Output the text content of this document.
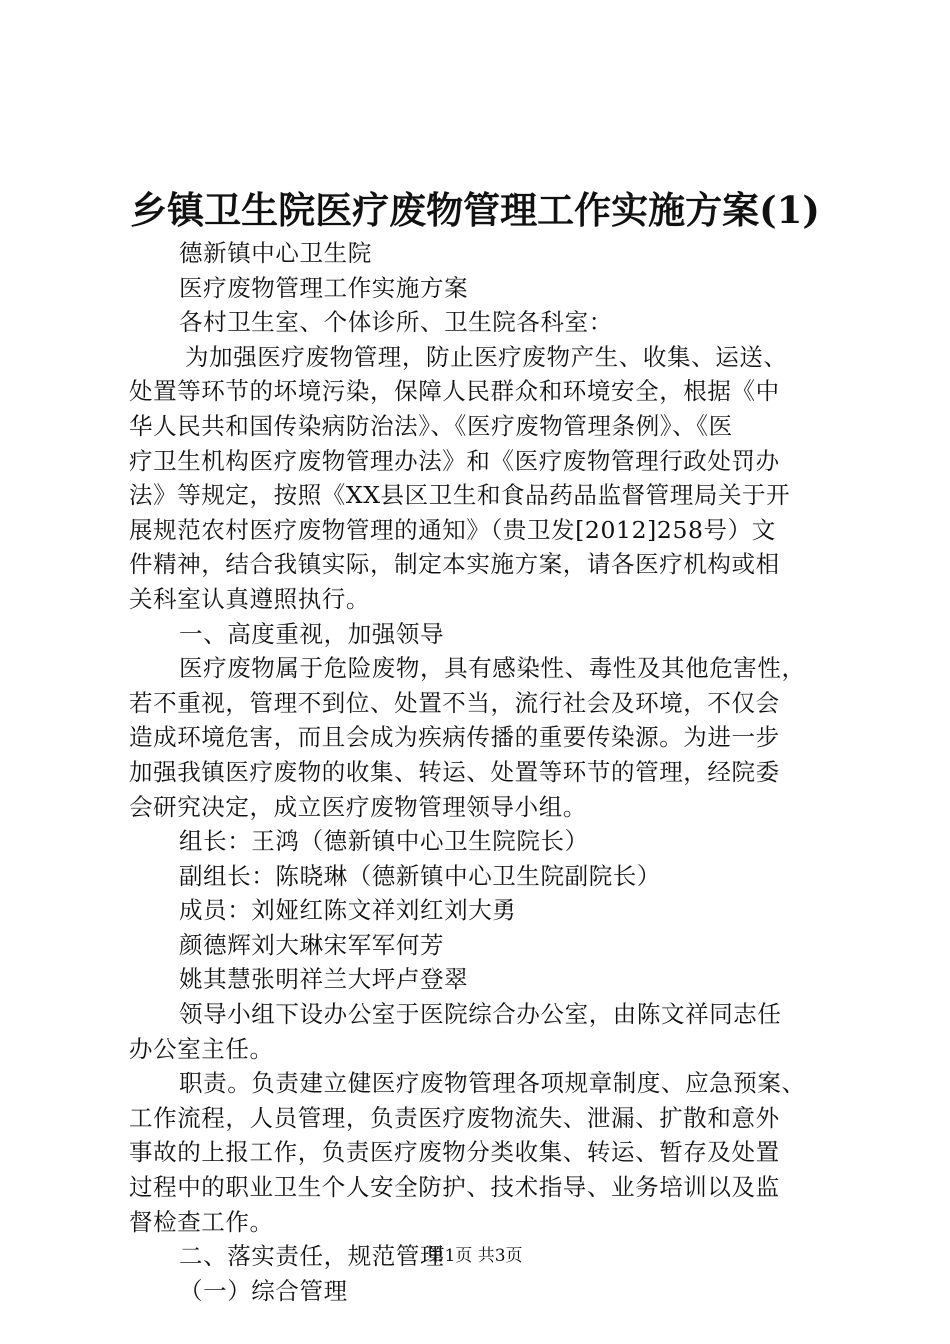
乡镇卫生院医疗废物管理工作实施方案(1)
德新镇中心卫生院
医疗废物管理工作实施方案
各村卫生室、个体诊所、卫生院各科室：
为加强医疗废物管理，防止医疗废物产生、收集、运送、
处置等环节的坏境污染，保障人民群众和环境安全，根据《中
华人民共和国传染病防治法》、《医疗废物管理条例》、《医
疗卫生机构医疗废物管理办法》和《医疗废物管理行政处罚办
法》等规定，按照《XX县区卫生和食品药品监督管理局关于开
展规范农村医疗废物管理的通知》（贵卫发[2012]258号）文
件精神，结合我镇实际，制定本实施方案，请各医疗机构或相
关科室认真遵照执行。
一、高度重视，加强领导
医疗废物属于危险废物，具有感染性、毒性及其他危害性，
若不重视，管理不到位、处置不当，流行社会及环境，不仅会
造成环境危害，而且会成为疾病传播的重要传染源。为进一步
加强我镇医疗废物的收集、转运、处置等环节的管理，经院委
会研究决定，成立医疗废物管理领导小组。
组长：王鸿（德新镇中心卫生院院长）
副组长：陈晓琳（德新镇中心卫生院副院长）
成员：刘娅红陈文祥刘红刘大勇
颜德辉刘大琳宋军军何芳
姚其慧张明祥兰大坪卢登翠
领导小组下设办公室于医院综合办公室，由陈文祥同志任
办公室主任。
职责。负责建立健医疗废物管理各项规章制度、应急预案、
工作流程，人员管理，负责医疗废物流失、泄漏、扩散和意外
事故的上报工作，负责医疗废物分类收集、转运、暂存及处置
过程中的职业卫生个人安全防护、技术指导、业务培训以及监
督检查工作。
二、落实责任，规范管理
（一）综合管理
第1页 共3页
